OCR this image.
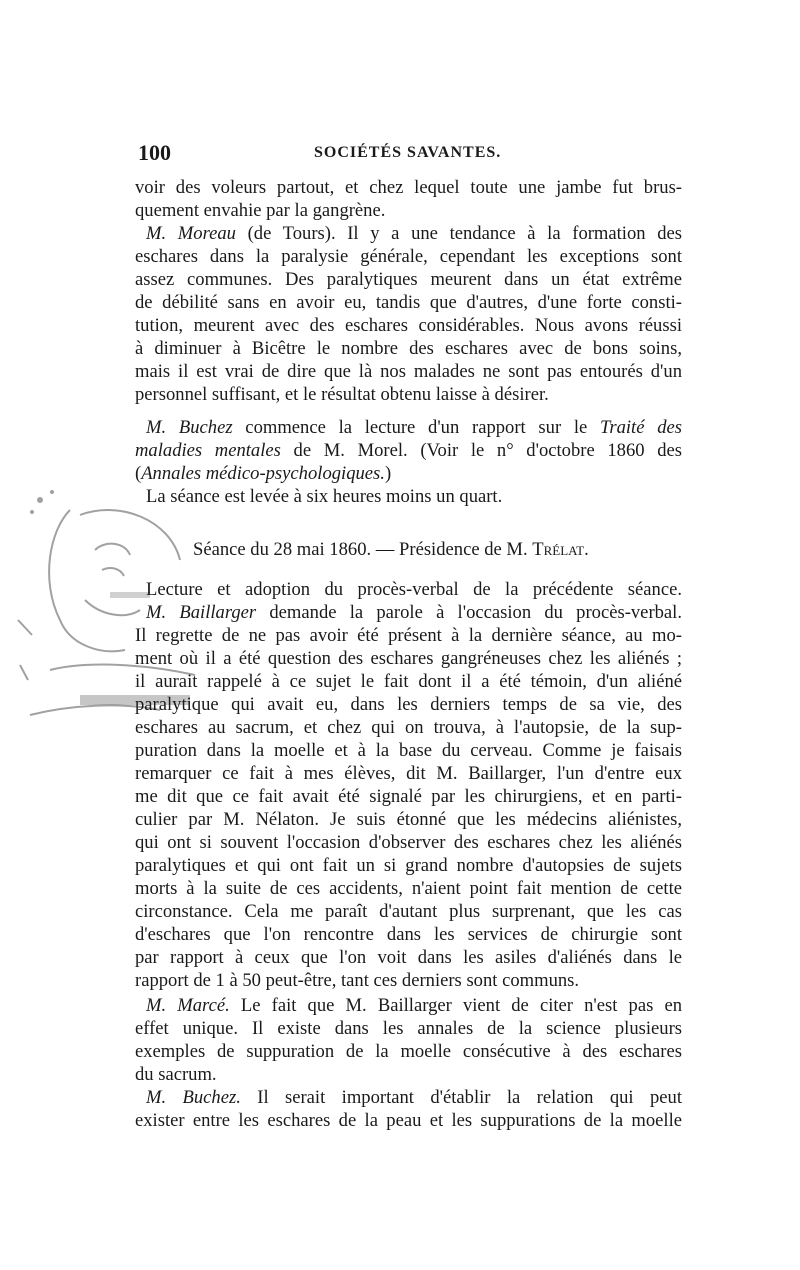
100	SOCIÉTÉS SAVANTES.
voir des voleurs partout, et chez lequel toute une jambe fut brus-
quement envahie par la gangrène.
M. Moreau (de Tours). Il y a une tendance à la formation des
eschares dans la paralysie générale, cependant les exceptions sont
assez communes. Des paralytiques meurent dans un état extrême
de débilité sans en avoir eu, tandis que d'autres, d'une forte consti-
tution, meurent avec des eschares considérables. Nous avons réussi
à diminuer à Bicêtre le nombre des eschares avec de bons soins,
mais il est vrai de dire que là nos malades ne sont pas entourés d'un
personnel suffisant, et le résultat obtenu laisse à désirer.
M. Buchez commence la lecture d'un rapport sur le Traité des
maladies mentales de M. Morel. (Voir le n° d'octobre 1860 des
(Annales médico-psychologiques.)
La séance est levée à six heures moins un quart.
Séance du 28 mai 1860. — Présidence de M. Trélat.
Lecture et adoption du procès-verbal de la précédente séance.
M. Baillarger demande la parole à l'occasion du procès-verbal.
Il regrette de ne pas avoir été présent à la dernière séance, au mo-
ment où il a été question des eschares gangréneuses chez les aliénés ;
il aurait rappelé à ce sujet le fait dont il a été témoin, d'un aliéné
paralytique qui avait eu, dans les derniers temps de sa vie, des
eschares au sacrum, et chez qui on trouva, à l'autopsie, de la sup-
puration dans la moelle et à la base du cerveau. Comme je faisais
remarquer ce fait à mes élèves, dit M. Baillarger, l'un d'entre eux
me dit que ce fait avait été signalé par les chirurgiens, et en parti-
culier par M. Nélaton. Je suis étonné que les médecins aliénistes,
qui ont si souvent l'occasion d'observer des eschares chez les aliénés
paralytiques et qui ont fait un si grand nombre d'autopsies de sujets
morts à la suite de ces accidents, n'aient point fait mention de cette
circonstance. Cela me paraît d'autant plus surprenant, que les cas
d'eschares que l'on rencontre dans les services de chirurgie sont
par rapport à ceux que l'on voit dans les asiles d'aliénés dans le
rapport de 1 à 50 peut-être, tant ces derniers sont communs.
M. Marcé. Le fait que M. Baillarger vient de citer n'est pas en
effet unique. Il existe dans les annales de la science plusieurs
exemples de suppuration de la moelle consécutive à des eschares
du sacrum.
M. Buchez. Il serait important d'établir la relation qui peut
exister entre les eschares de la peau et les suppurations de la moelle
